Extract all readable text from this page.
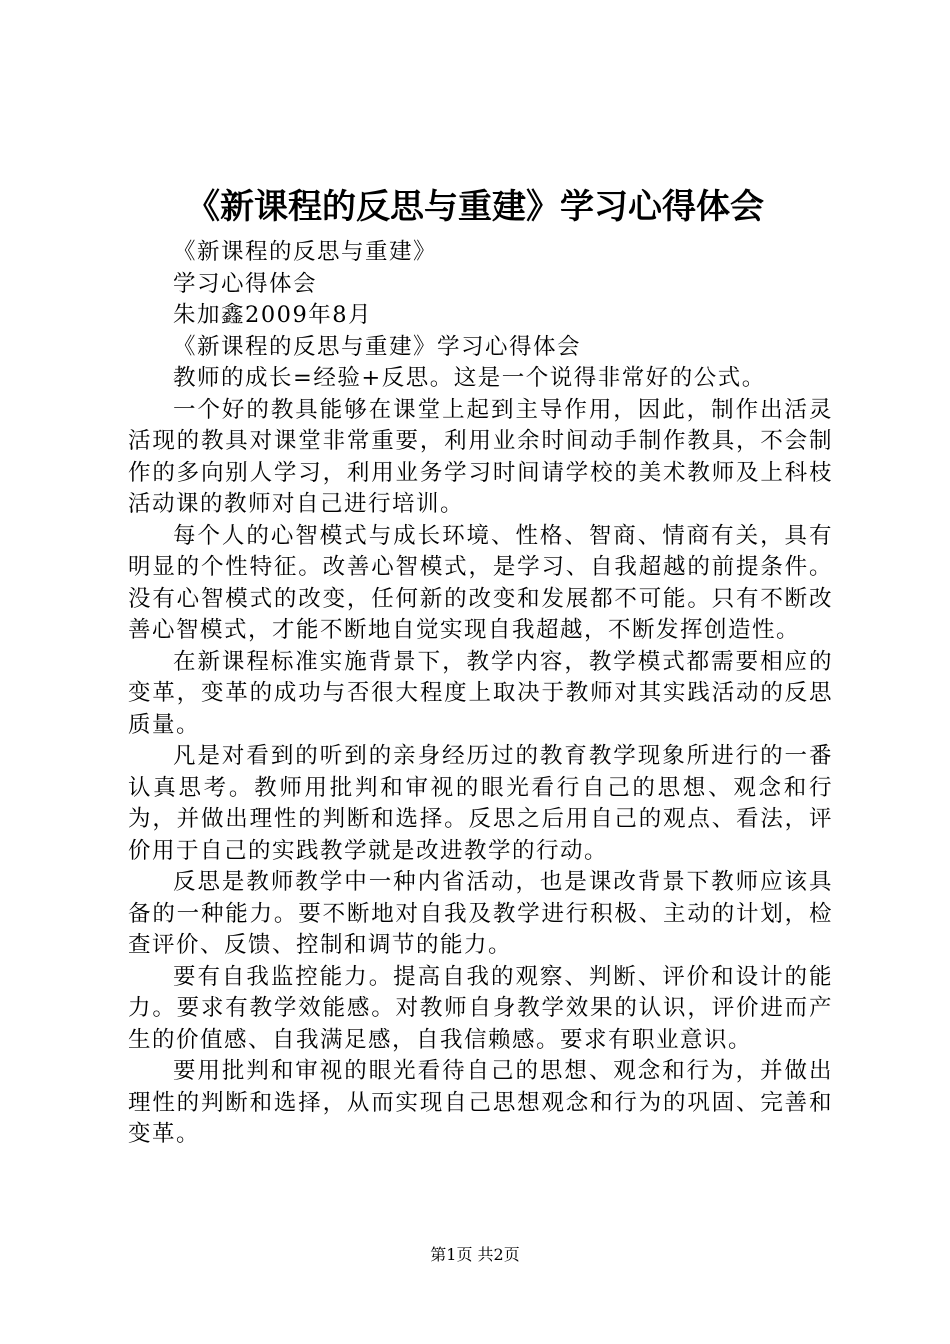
《新课程的反思与重建》学习心得体会

《新课程的反思与重建》

学习心得体会

朱加鑫2009年8月

《新课程的反思与重建》学习心得体会

教师的成长=经验+反思。这是一个说得非常好的公式。

一个好的教具能够在课堂上起到主导作用，因此，制作出活灵活现的教具对课堂非常重要，利用业余时间动手制作教具，不会制作的多向别人学习，利用业务学习时间请学校的美术教师及上科枝活动课的教师对自己进行培训。

每个人的心智模式与成长环境、性格、智商、情商有关，具有明显的个性特征。改善心智模式，是学习、自我超越的前提条件。没有心智模式的改变，任何新的改变和发展都不可能。只有不断改善心智模式，才能不断地自觉实现自我超越，不断发挥创造性。

在新课程标准实施背景下，教学内容，教学模式都需要相应的变革，变革的成功与否很大程度上取决于教师对其实践活动的反思质量。

凡是对看到的听到的亲身经历过的教育教学现象所进行的一番认真思考。教师用批判和审视的眼光看行自己的思想、观念和行为，并做出理性的判断和选择。反思之后用自己的观点、看法，评价用于自己的实践教学就是改进教学的行动。

反思是教师教学中一种内省活动，也是课改背景下教师应该具备的一种能力。要不断地对自我及教学进行积极、主动的计划，检查评价、反馈、控制和调节的能力。

要有自我监控能力。提高自我的观察、判断、评价和设计的能力。要求有教学效能感。对教师自身教学效果的认识，评价进而产生的价值感、自我满足感，自我信赖感。要求有职业意识。

要用批判和审视的眼光看待自己的思想、观念和行为，并做出理性的判断和选择，从而实现自己思想观念和行为的巩固、完善和变革。

第1页 共2页
